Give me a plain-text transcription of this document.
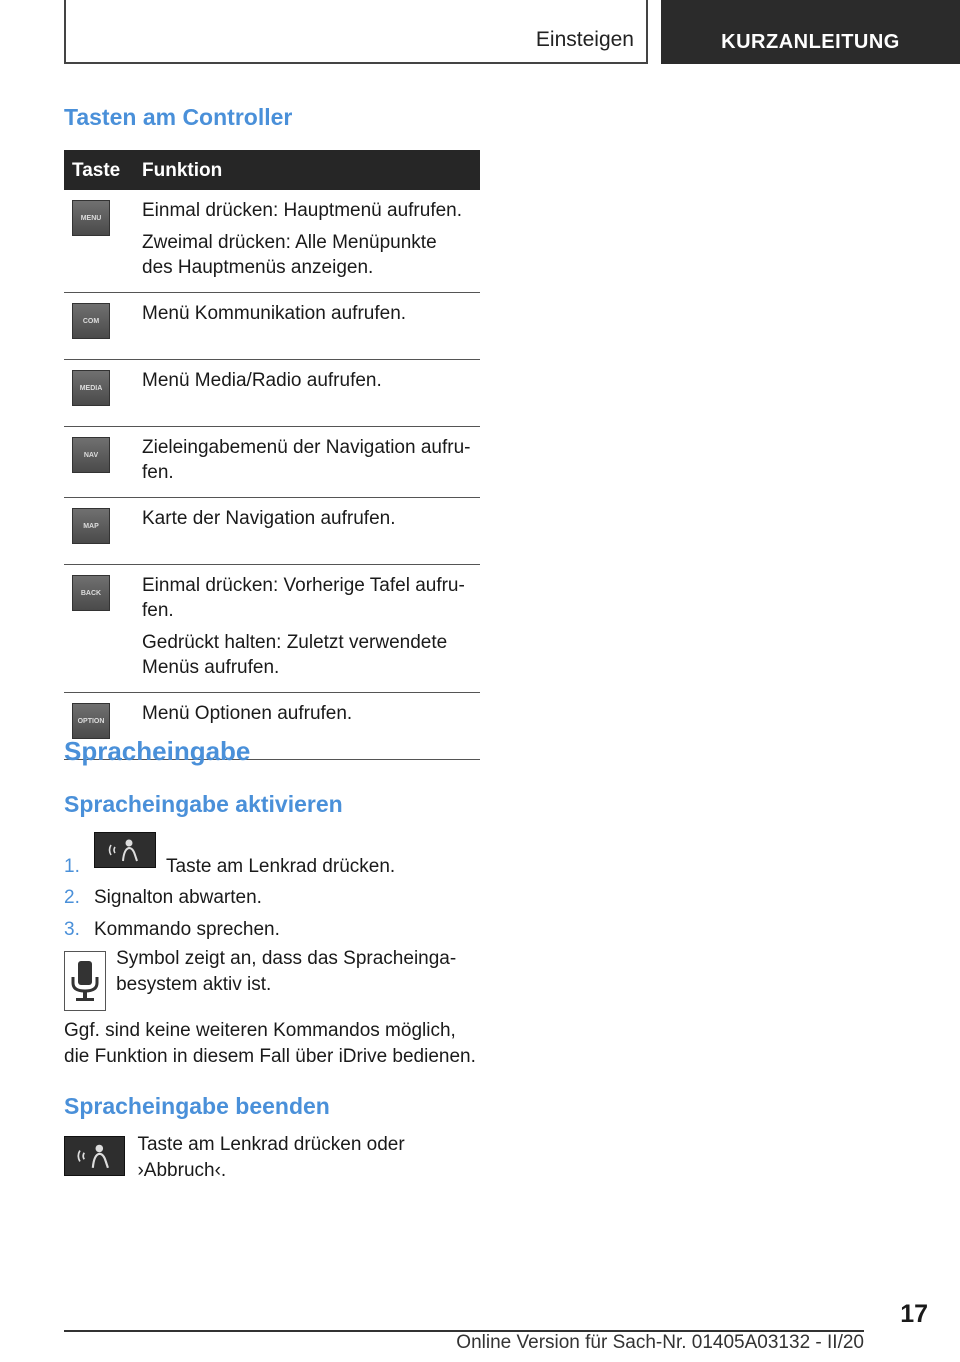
Einsteigen	KURZANLEITUNG
Tasten am Controller
Taste	Funktion

MENU	Einmal drücken: Hauptmenü aufrufen.

Zweimal drücken: Alle Menüpunkte des Hauptmenüs anzeigen.

COM	Menü Kommunikation aufrufen.

MEDIA	Menü Media/Radio aufrufen.

NAV	Zieleingabemenü der Navigation aufru-fen.

MAP	Karte der Navigation aufrufen.

BACK	Einmal drücken: Vorherige Tafel aufru-fen.

Gedrückt halten: Zuletzt verwendete Menüs aufrufen.

OPTION	Menü Optionen aufrufen.

Spracheingabe
Spracheingabe aktivieren
1.	Taste am Lenkrad drücken.
2. Signalton abwarten.
3. Kommando sprechen.
Symbol zeigt an, dass das Spracheinga-besystem aktiv ist.

Ggf. sind keine weiteren Kommandos möglich, die Funktion in diesem Fall über iDrive bedienen.

Spracheingabe beenden
Taste am Lenkrad drücken oder ›Abbruch‹.
17
Online Version für Sach-Nr. 01405A03132 - II/20
